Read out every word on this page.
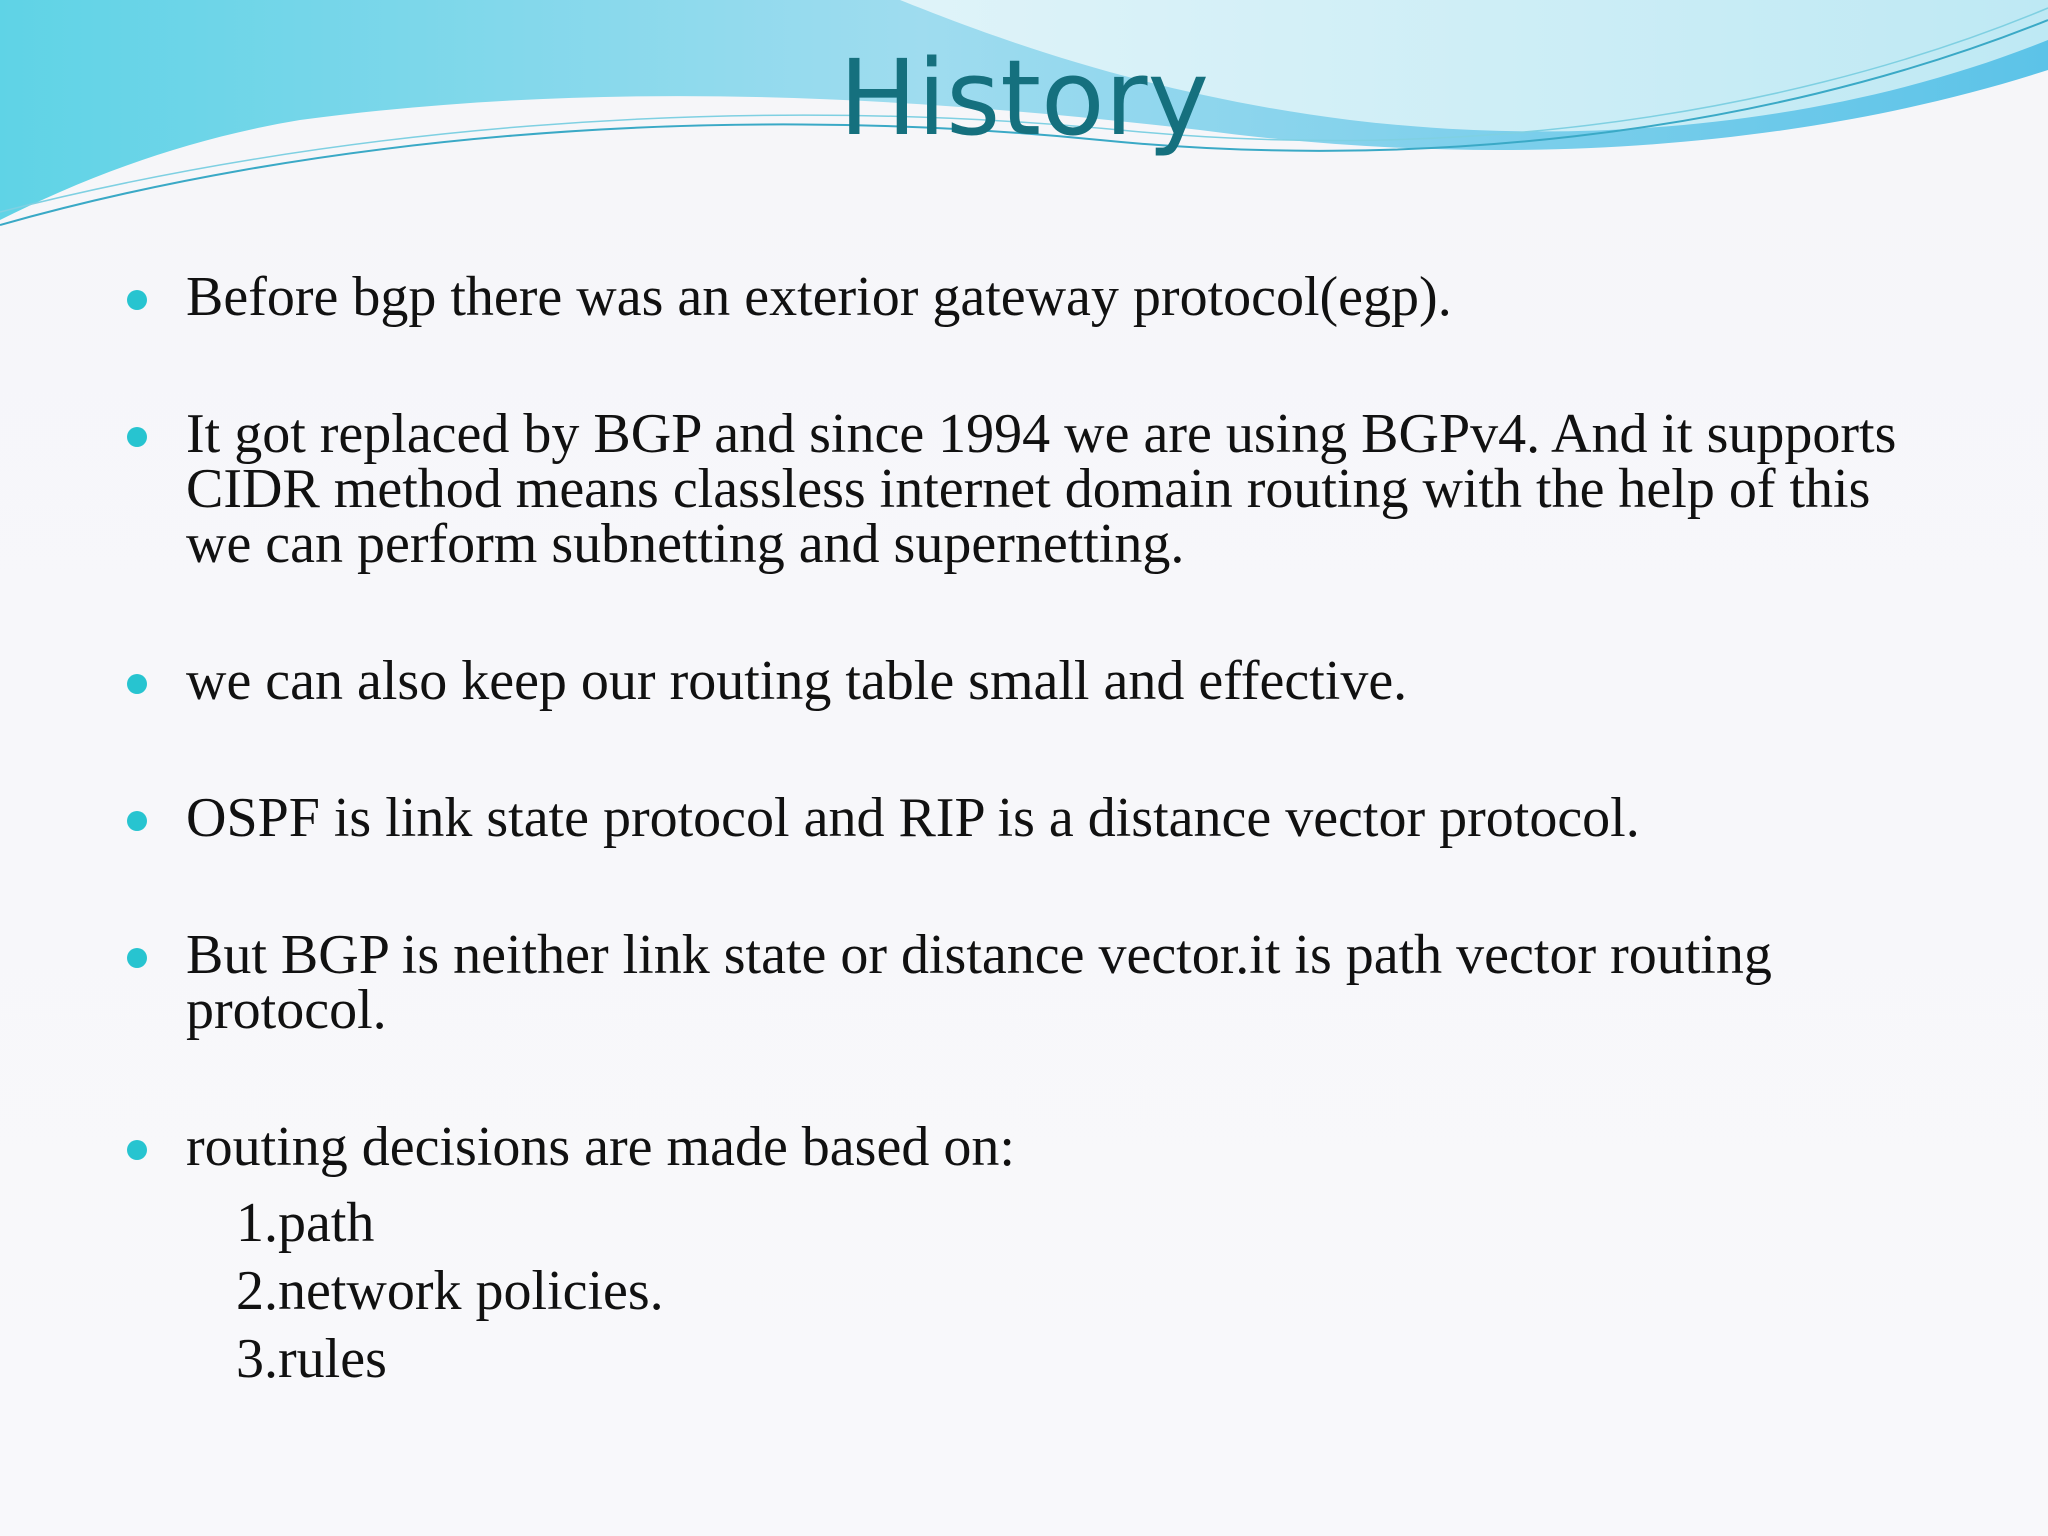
History
Before bgp there was an exterior gateway protocol(egp).
It got replaced by BGP and since 1994 we are using BGPv4. And it supports CIDR method means classless internet domain routing with the help of this we can perform subnetting and supernetting.
we can also keep our routing table small and effective.
OSPF is link state protocol and RIP is a distance vector protocol.
But BGP is neither link state or distance vector.it is path vector routing protocol.
routing decisions are made based on:
1.path
2.network policies.
3.rules
